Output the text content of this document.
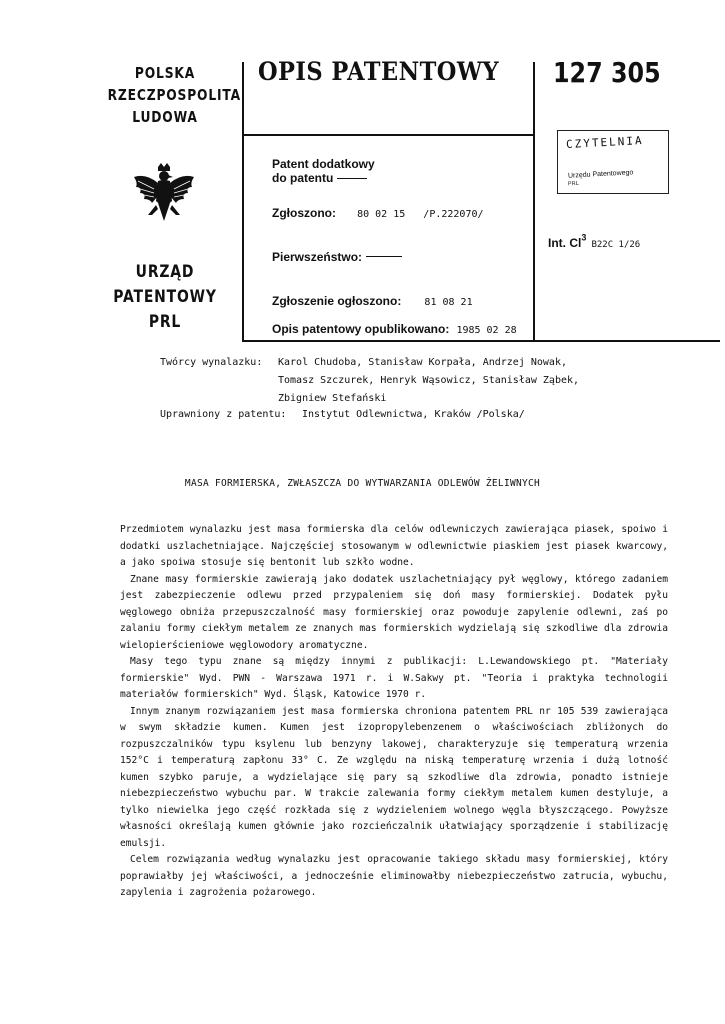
POLSKA
RZECZPOSPOLITA
LUDOWA
URZĄD
PATENTOWY
PRL
OPIS PATENTOWY 127 305
CZYTELNIA
Urzędu Patentowego
PRL
Patent dodatkowy
do patentu
Zgłoszono: 80 02 15   /P.222070/
Pierwszeństwo:
Zgłoszenie ogłoszono: 81 08 21
Opis patentowy opublikowano: 1985 02 28
Int. Cl$^3$ B22C 1/26
Twórcy wynalazku: Karol Chudoba, Stanisław Korpała, Andrzej Nowak,
Tomasz Szczurek, Henryk Wąsowicz, Stanisław Ząbek,
Zbigniew Stefański
Uprawniony z patentu: Instytut Odlewnictwa, Kraków /Polska/
MASA FORMIERSKA, ZWŁASZCZA DO WYTWARZANIA ODLEWÓW ŻELIWNYCH

Przedmiotem wynalazku jest masa formierska dla celów odlewniczych zawierająca piasek, spoiwo i dodatki uszlachetniające. Najczęściej stosowanym w odlewnictwie piaskiem jest piasek kwarcowy, a jako spoiwa stosuje się bentonit lub szkło wodne.

Znane masy formierskie zawierają jako dodatek uszlachetniający pył węglowy, którego zadaniem jest zabezpieczenie odlewu przed przypaleniem się doń masy formierskiej. Dodatek pyłu węglowego obniża przepuszczalność masy formierskiej oraz powoduje zapylenie odlewni, zaś po zalaniu formy ciekłym metalem ze znanych mas formierskich wydzielają się szkodliwe dla zdrowia wielopierścieniowe węglowodory aromatyczne.

Masy tego typu znane są między innymi z publikacji: L.Lewandowskiego pt. "Materiały formierskie" Wyd. PWN - Warszawa 1971 r. i W.Sakwy pt. "Teoria i praktyka technologii materiałów formierskich" Wyd. Śląsk, Katowice 1970 r.

Innym znanym rozwiązaniem jest masa formierska chroniona patentem PRL nr 105 539 zawierająca w swym składzie kumen. Kumen jest izopropylebenzenem o właściwościach zbliżonych do rozpuszczalników typu ksylenu lub benzyny lakowej, charakteryzuje się temperaturą wrzenia 152°C i temperaturą zapłonu 33° C. Ze względu na niską temperaturę wrzenia i dużą lotność kumen szybko paruje, a wydzielające się pary są szkodliwe dla zdrowia, ponadto istnieje niebezpieczeństwo wybuchu par. W trakcie zalewania formy ciekłym metalem kumen destyluje, a tylko niewielka jego część rozkłada się z wydzieleniem wolnego węgla błyszczącego. Powyższe własności określają kumen głównie jako rozcieńczalnik ułatwiający sporządzenie i stabilizację emulsji.

Celem rozwiązania według wynalazku jest opracowanie takiego składu masy formierskiej, który poprawiałby jej właściwości, a jednocześnie eliminowałby niebezpieczeństwo zatrucia, wybuchu, zapylenia i zagrożenia pożarowego.
